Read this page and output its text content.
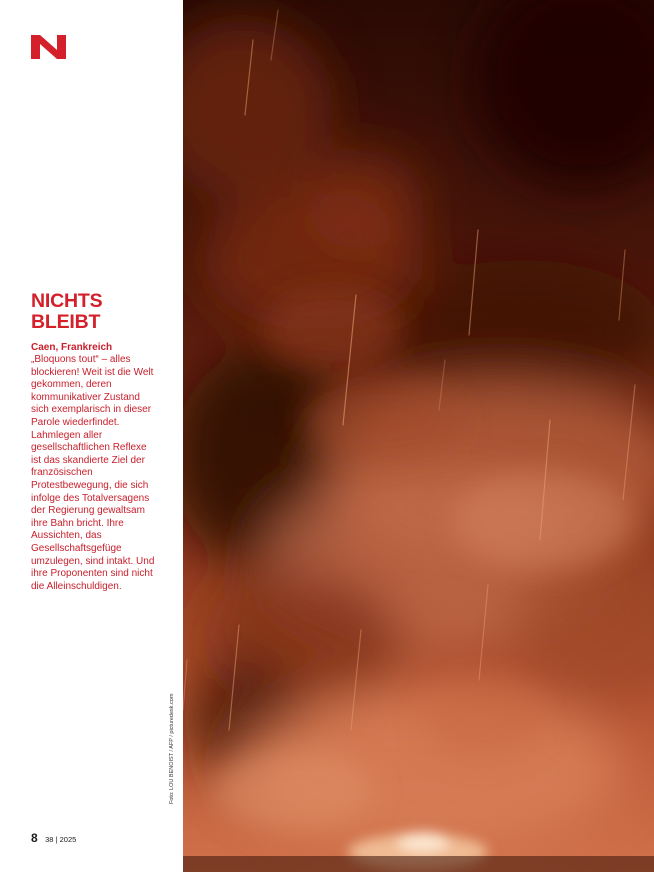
NICHTS
BLEIBT
Caen, Frankreich

„Bloquons tout“ – alles
blockieren! Weit ist die Welt
gekommen, deren
kommunikativer Zustand
sich exemplarisch in dieser
Parole wiederfindet.
Lahmlegen aller
gesellschaftlichen Reflexe
ist das skandierte Ziel der
französischen
Protestbewegung, die sich
infolge des Totalversagens
der Regierung gewaltsam
ihre Bahn bricht. Ihre
Aussichten, das
Gesellschaftsgefüge
umzulegen, sind intakt. Und
ihre Proponenten sind nicht
die Alleinschuldigen.

Foto: LOU BENOIST / AFP / picturedesk.com
8 38 | 2025
